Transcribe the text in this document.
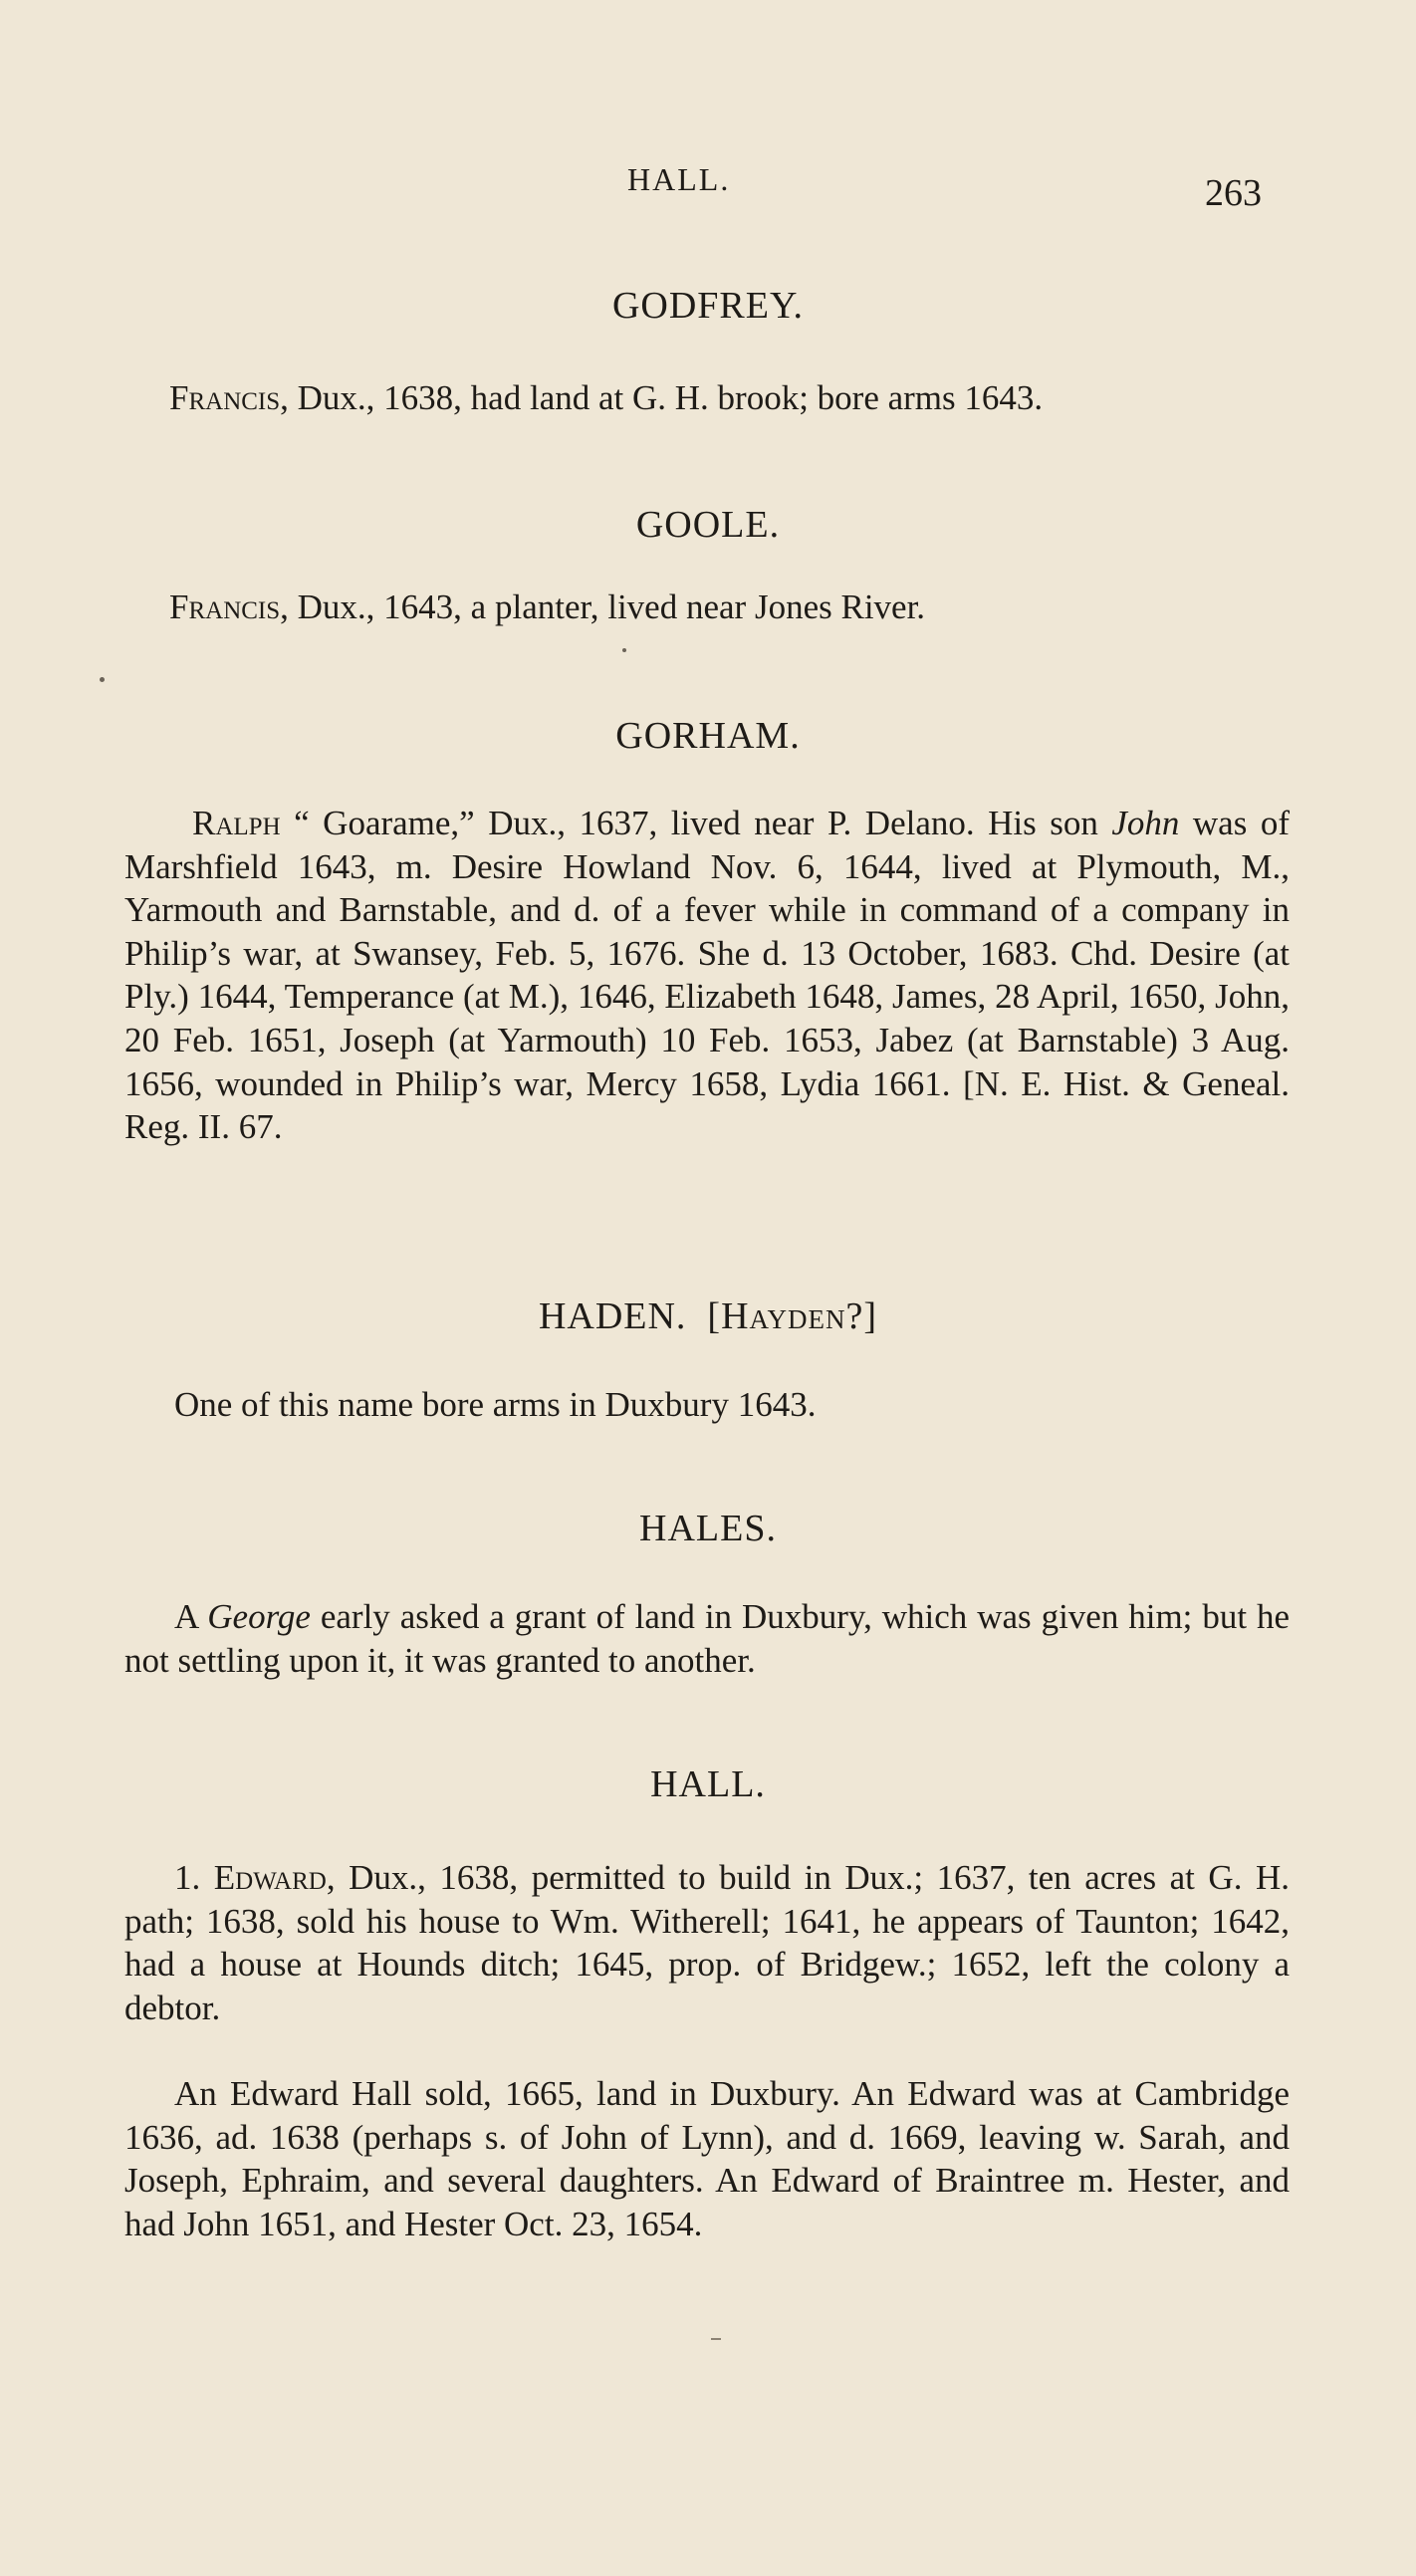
HALL.	263
GODFREY.

Francis, Dux., 1638, had land at G. H. brook; bore arms 1643.

GOOLE.

Francis, Dux., 1643, a planter, lived near Jones River.

GORHAM.

Ralph “ Goarame,” Dux., 1637, lived near P. Delano. His son John was of Marshfield 1643, m. Desire Howland Nov. 6, 1644, lived at Plymouth, M., Yarmouth and Barnstable, and d. of a fever while in command of a company in Philip’s war, at Swansey, Feb. 5, 1676. She d. 13 October, 1683. Chd. Desire (at Ply.) 1644, Temperance (at M.), 1646, Elizabeth 1648, James, 28 April, 1650, John, 20 Feb. 1651, Joseph (at Yarmouth) 10 Feb. 1653, Jabez (at Barnstable) 3 Aug. 1656, wounded in Philip’s war, Mercy 1658, Lydia 1661. [N. E. Hist. & Geneal. Reg. II. 67.

HADEN. [Hayden?]

One of this name bore arms in Duxbury 1643.

HALES.

A George early asked a grant of land in Duxbury, which was given him; but he not settling upon it, it was granted to another.

HALL.

1. Edward, Dux., 1638, permitted to build in Dux.; 1637, ten acres at G. H. path; 1638, sold his house to Wm. Witherell; 1641, he appears of Taunton; 1642, had a house at Hounds ditch; 1645, prop. of Bridgew.; 1652, left the colony a debtor.

An Edward Hall sold, 1665, land in Duxbury. An Edward was at Cambridge 1636, ad. 1638 (perhaps s. of John of Lynn), and d. 1669, leaving w. Sarah, and Joseph, Ephraim, and several daughters. An Edward of Braintree m. Hester, and had John 1651, and Hester Oct. 23, 1654.
